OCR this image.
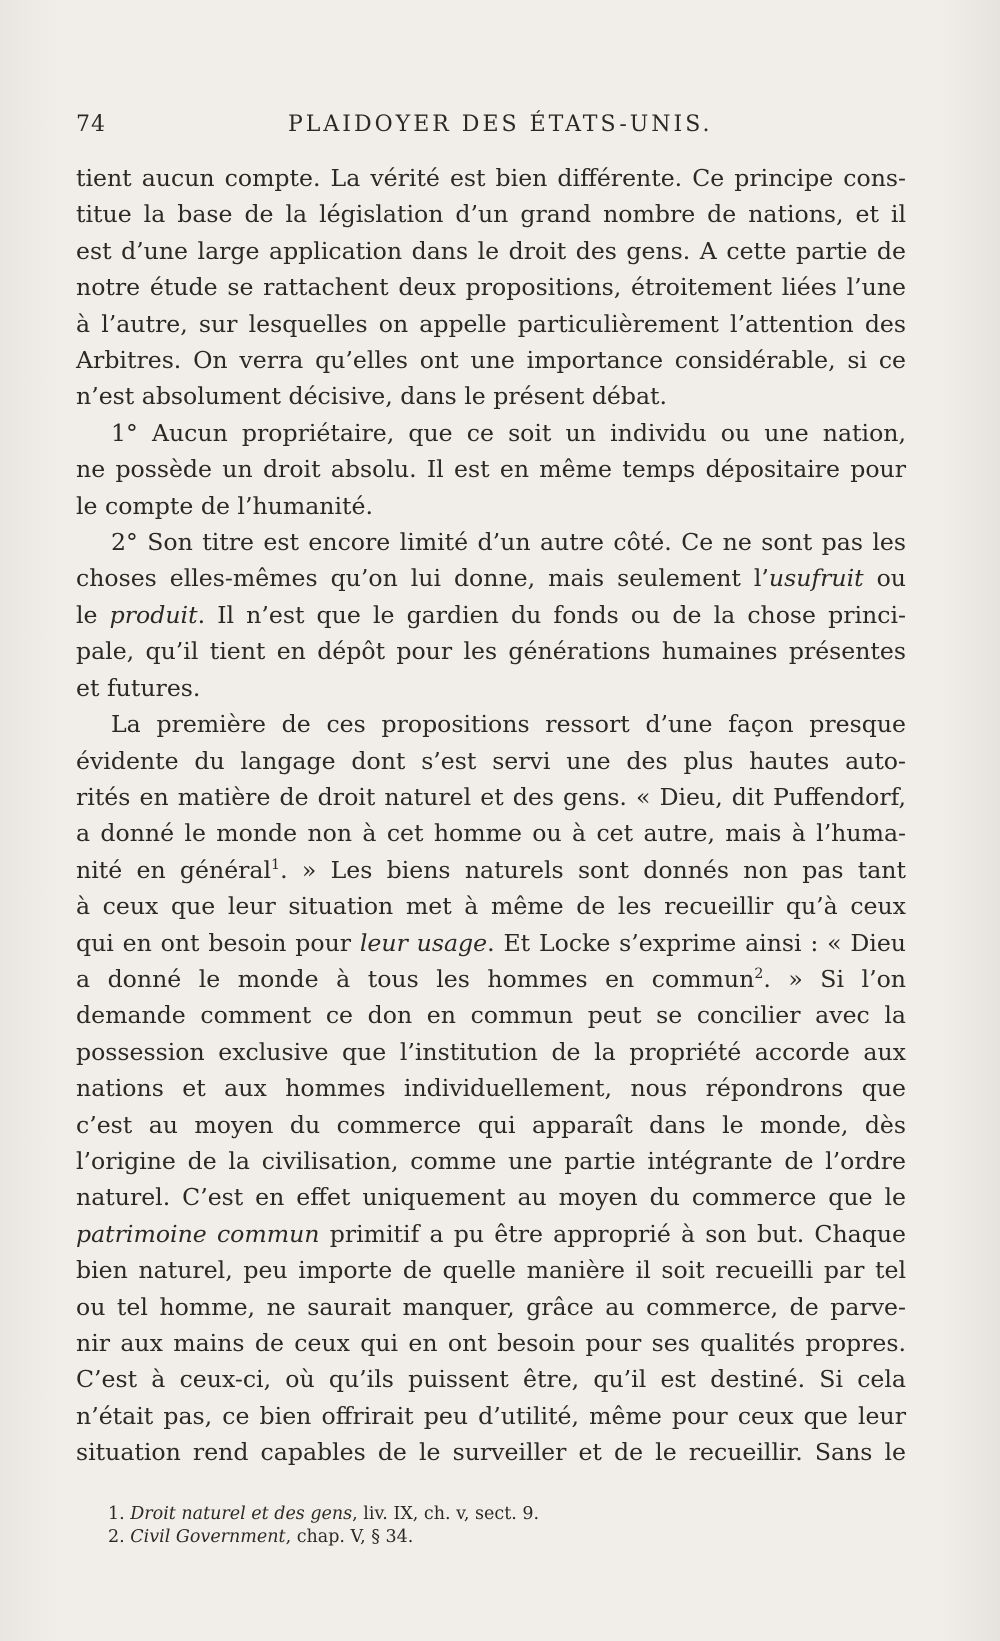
74	PLAIDOYER DES ÉTATS-UNIS.
tient aucun compte. La vérité est bien différente. Ce principe cons-
titue la base de la législation d’un grand nombre de nations, et il
est d’une large application dans le droit des gens. A cette partie de
notre étude se rattachent deux propositions, étroitement liées l’une
à l’autre, sur lesquelles on appelle particulièrement l’attention des
Arbitres. On verra qu’elles ont une importance considérable, si ce
n’est absolument décisive, dans le présent débat.
1° Aucun propriétaire, que ce soit un individu ou une nation,
ne possède un droit absolu. Il est en même temps dépositaire pour
le compte de l’humanité.
2° Son titre est encore limité d’un autre côté. Ce ne sont pas les
choses elles-mêmes qu’on lui donne, mais seulement l’usufruit ou
le produit. Il n’est que le gardien du fonds ou de la chose princi-
pale, qu’il tient en dépôt pour les générations humaines présentes
et futures.
La première de ces propositions ressort d’une façon presque
évidente du langage dont s’est servi une des plus hautes auto-
rités en matière de droit naturel et des gens. « Dieu, dit Puffendorf,
a donné le monde non à cet homme ou à cet autre, mais à l’huma-
nité en général$^1$. » Les biens naturels sont donnés non pas tant
à ceux que leur situation met à même de les recueillir qu’à ceux
qui en ont besoin pour leur usage. Et Locke s’exprime ainsi : « Dieu
a donné le monde à tous les hommes en commun$^2$. » Si l’on
demande comment ce don en commun peut se concilier avec la
possession exclusive que l’institution de la propriété accorde aux
nations et aux hommes individuellement, nous répondrons que
c’est au moyen du commerce qui apparaît dans le monde, dès
l’origine de la civilisation, comme une partie intégrante de l’ordre
naturel. C’est en effet uniquement au moyen du commerce que le
patrimoine commun primitif a pu être approprié à son but. Chaque
bien naturel, peu importe de quelle manière il soit recueilli par tel
ou tel homme, ne saurait manquer, grâce au commerce, de parve-
nir aux mains de ceux qui en ont besoin pour ses qualités propres.
C’est à ceux-ci, où qu’ils puissent être, qu’il est destiné. Si cela
n’était pas, ce bien offrirait peu d’utilité, même pour ceux que leur
situation rend capables de le surveiller et de le recueillir. Sans le
1. Droit naturel et des gens, liv. IX, ch. v, sect. 9.
2. Civil Government, chap. V, § 34.
